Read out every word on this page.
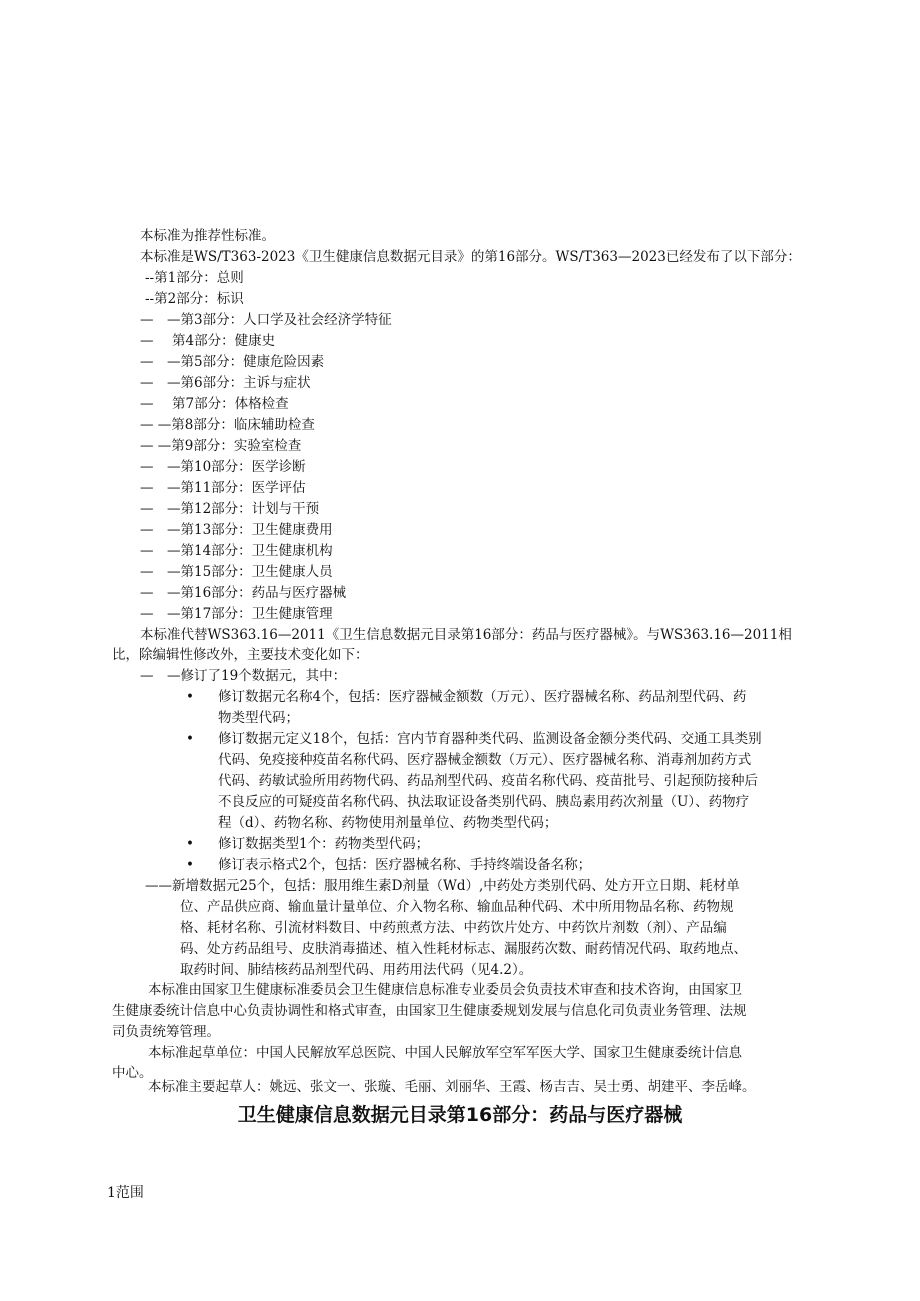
本标准为推荐性标准。
本标准是WS/T363-2023《卫生健康信息数据元目录》的第16部分。WS/T363—2023已经发布了以下部分：
--第1部分：总则
--第2部分：标识
—　—第3部分：人口学及社会经济学特征
— 第4部分：健康史
—　—第5部分：健康危险因素
—　—第6部分：主诉与症状
— 第7部分：体格检查
— —第8部分：临床辅助检查
— —第9部分：实验室检查
—　—第10部分：医学诊断
—　—第11部分：医学评估
—　—第12部分：计划与干预
—　—第13部分：卫生健康费用
—　—第14部分：卫生健康机构
—　—第15部分：卫生健康人员
—　—第16部分：药品与医疗器械
—　—第17部分：卫生健康管理
本标准代替WS363.16—2011《卫生信息数据元目录第16部分：药品与医疗器械》。与WS363.16—2011相
比，除编辑性修改外，主要技术变化如下：
—　—修订了19个数据元，其中：
• 修订数据元名称4个，包括：医疗器械金额数（万元）、医疗器械名称、药品剂型代码、药
物类型代码；
• 修订数据元定义18个，包括：宫内节育器种类代码、监测设备金额分类代码、交通工具类别
代码、免疫接种疫苗名称代码、医疗器械金额数（万元）、医疗器械名称、消毒剂加药方式
代码、药敏试验所用药物代码、药品剂型代码、疫苗名称代码、疫苗批号、引起预防接种后
不良反应的可疑疫苗名称代码、执法取证设备类别代码、胰岛素用药次剂量（U）、药物疗
程（d）、药物名称、药物使用剂量单位、药物类型代码；
• 修订数据类型1个：药物类型代码；
• 修订表示格式2个，包括：医疗器械名称、手持终端设备名称；
——新增数据元25个，包括：服用维生素D剂量（Wd）,中药处方类别代码、处方开立日期、耗材单
位、产品供应商、输血量计量单位、介入物名称、输血品种代码、术中所用物品名称、药物规
格、耗材名称、引流材料数目、中药煎煮方法、中药饮片处方、中药饮片剂数（剂）、产品编
码、处方药品组号、皮肤消毒描述、植入性耗材标志、漏服药次数、耐药情况代码、取药地点、
取药时间、肺结核药品剂型代码、用药用法代码（见4.2）。
本标准由国家卫生健康标准委员会卫生健康信息标准专业委员会负责技术审查和技术咨询，由国家卫
生健康委统计信息中心负责协调性和格式审查，由国家卫生健康委规划发展与信息化司负责业务管理、法规
司负责统筹管理。
本标准起草单位：中国人民解放军总医院、中国人民解放军空军军医大学、国家卫生健康委统计信息
中心。
本标准主要起草人：姚远、张文一、张璇、毛丽、刘丽华、王霞、杨吉吉、吴士勇、胡建平、李岳峰。
卫生健康信息数据元目录第16部分：药品与医疗器械
1范围
